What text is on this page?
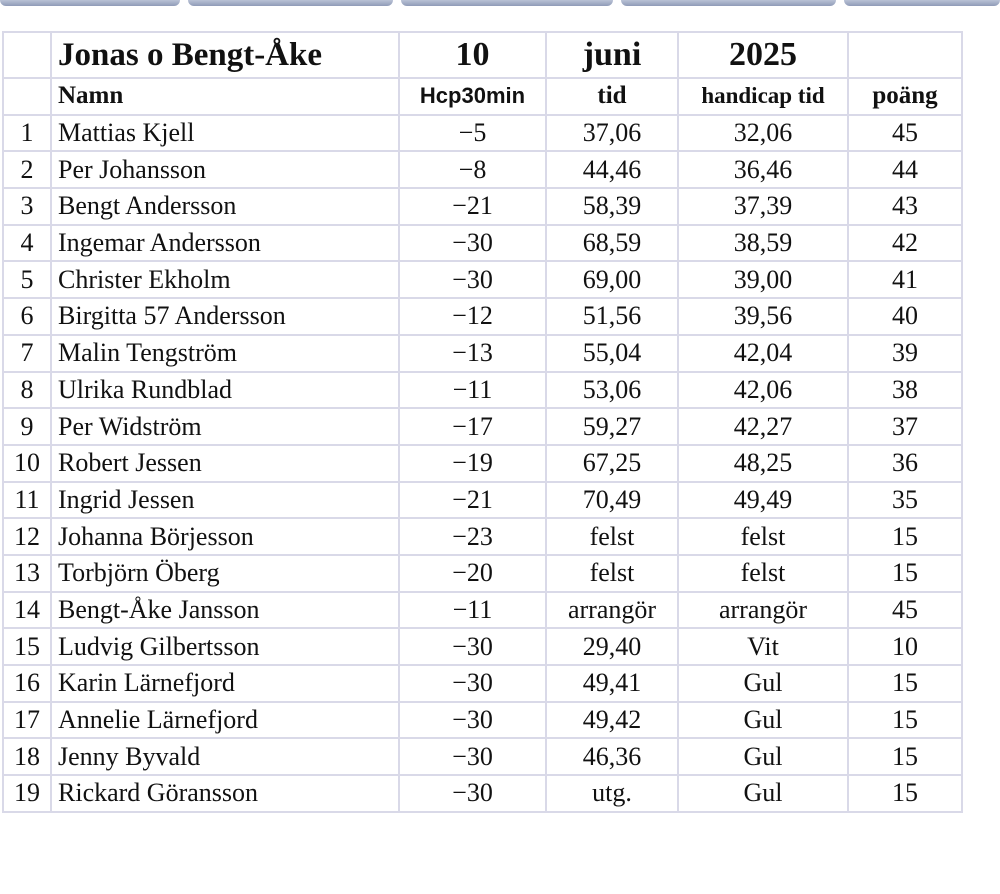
	Jonas o Bengt-Åke	10	juni	2025	
	Namn	Hcp30min	tid	handicap tid	poäng
1	Mattias Kjell	−5	37,06	32,06	45
2	Per Johansson	−8	44,46	36,46	44
3	Bengt Andersson	−21	58,39	37,39	43
4	Ingemar Andersson	−30	68,59	38,59	42
5	Christer Ekholm	−30	69,00	39,00	41
6	Birgitta 57 Andersson	−12	51,56	39,56	40
7	Malin Tengström	−13	55,04	42,04	39
8	Ulrika Rundblad	−11	53,06	42,06	38
9	Per Widström	−17	59,27	42,27	37
10	Robert Jessen	−19	67,25	48,25	36
11	Ingrid Jessen	−21	70,49	49,49	35
12	Johanna Börjesson	−23	felst	felst	15
13	Torbjörn Öberg	−20	felst	felst	15
14	Bengt-Åke Jansson	−11	arrangör	arrangör	45
15	Ludvig Gilbertsson	−30	29,40	Vit	10
16	Karin Lärnefjord	−30	49,41	Gul	15
17	Annelie Lärnefjord	−30	49,42	Gul	15
18	Jenny Byvald	−30	46,36	Gul	15
19	Rickard Göransson	−30	utg.	Gul	15
